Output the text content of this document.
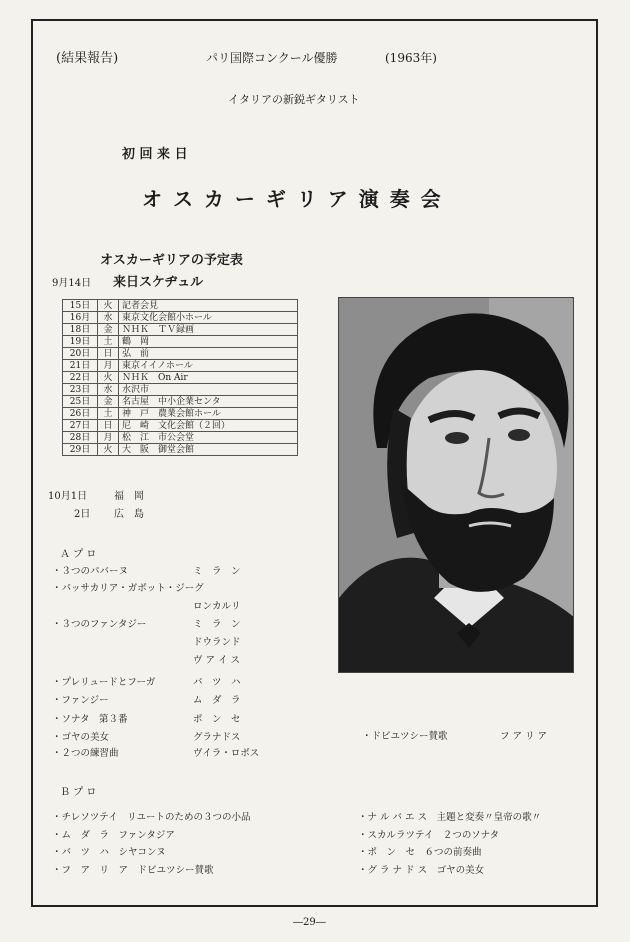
(結果報告)	パリ国際コンクール優勝	(1963年)
イタリアの新鋭ギタリスト
初 回 来 日
オ ス カ ー ギ リ ア 演 奏 会
オスカーギリアの予定表
9月14日 来日スケヂュル
15日	火	記者会見
16月	水	東京文化会館小ホール
18日	金	ＮＨＫ　ＴＶ録画
19日	土	鶴　岡
20日	日	弘　前
21日	月	東京イイノホール
22日	火	ＮＨＫ　On Air
23日	水	水沢市
25日	金	名古屋　中小企業センタ
26日	土	神　戸　農業会館ホール
27日	日	尼　崎　文化会館（２回）
28日	月	松　江　市公会堂
29日	火	大　阪　御堂会館
10月1日	福　岡
2日 広　島
Ａ プ ロ
・３つのパバーヌ	ミ　ラ　ン
・パッサカリア・ガボット・ジーグ
ロンカルリ
・３つのファンタジー	ミ　ラ　ン
ドウランド
ヴ ア イ ス
・プレリュードとフーガ	バ　ツ　ハ
・ファンジー	ム　ダ　ラ
・ソナタ　第３番	ポ　ン　セ
・ゴヤの美女	グラナドス
・２つの練習曲	ヴイラ・ロボス
・ドビユツシー賛歌	フ ア リ ア
Ｂ プ ロ
・チレソツテイ　リユートのための３つの小品
・ム　ダ　ラ　ファンタジア
・バ　ツ　ハ　シヤコンヌ
・フ　ア　リ　ア　ドビユツシー賛歌
・ナ ル バ エ ス　主題と変奏〃皇帝の歌〃
・スカルラツテイ　２つのソナタ
・ポ　ン　セ　６つの前奏曲
・グ ラ ナ ド ス　ゴヤの美女
―29―
